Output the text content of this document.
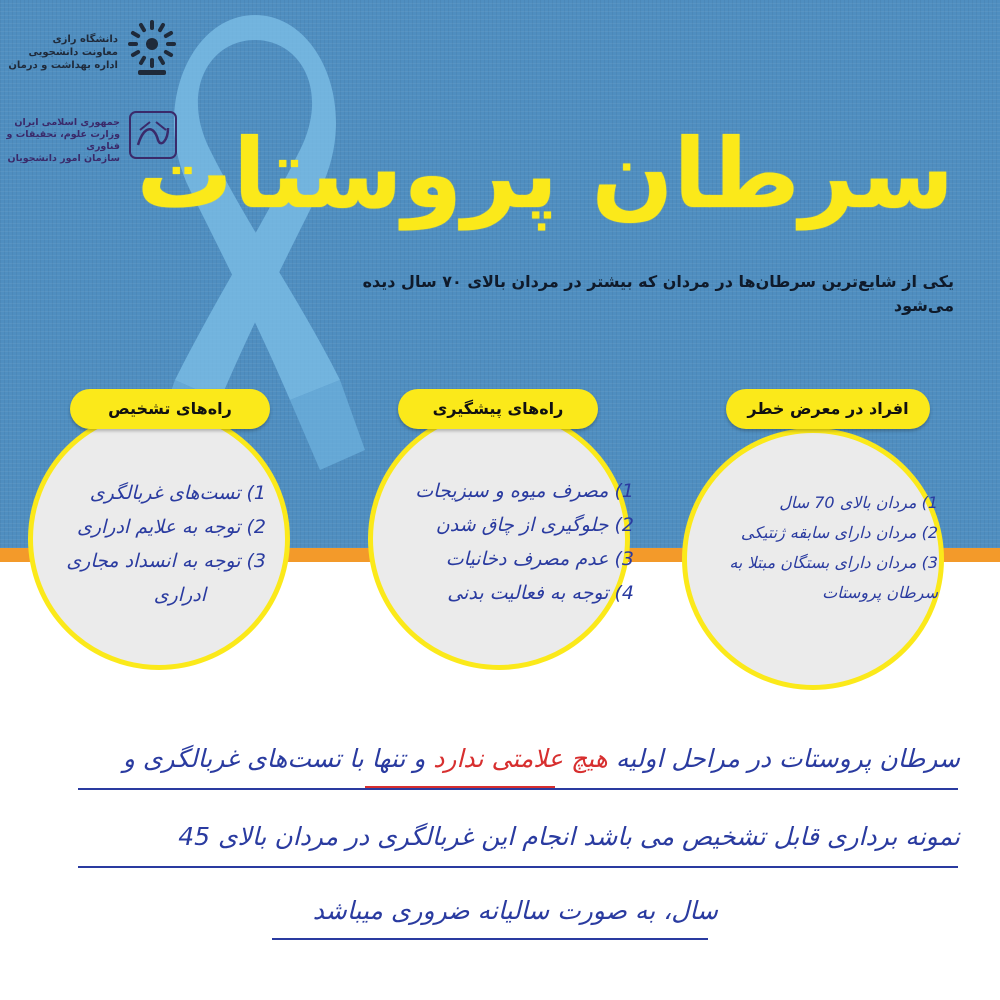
دانشگاه رازی
معاونت دانشجویی
اداره بهداشت و درمان
جمهوری اسلامی ایران
وزارت علوم، تحقیقات و فناوری
سازمان امور دانشجویان سرطان پروستات
یکی از شایع‌ترین سرطان‌ها در مردان که بیشتر در مردان بالای ۷۰ سال دیده می‌شود
راه‌های تشخیص	راه‌های پیشگیری	افراد در معرض خطر
1) تست‌های غربالگری
2) توجه به علایم ادراری
3) توجه به انسداد مجاری
ادراری
1) مصرف میوه و سبزیجات
2) جلوگیری از چاق شدن
3) عدم مصرف دخانیات
4) توجه به فعالیت بدنی
1) مردان بالای 70 سال
2) مردان دارای سابقه ژنتیکی
3) مردان دارای بستگان مبتلا به
سرطان پروستات
سرطان پروستات در مراحل اولیه هیچ علامتی ندارد و تنها با تست‌های غربالگری و
نمونه برداری قابل تشخیص می باشد انجام این غربالگری در مردان بالای 45
سال، به صورت سالیانه ضروری میباشد
